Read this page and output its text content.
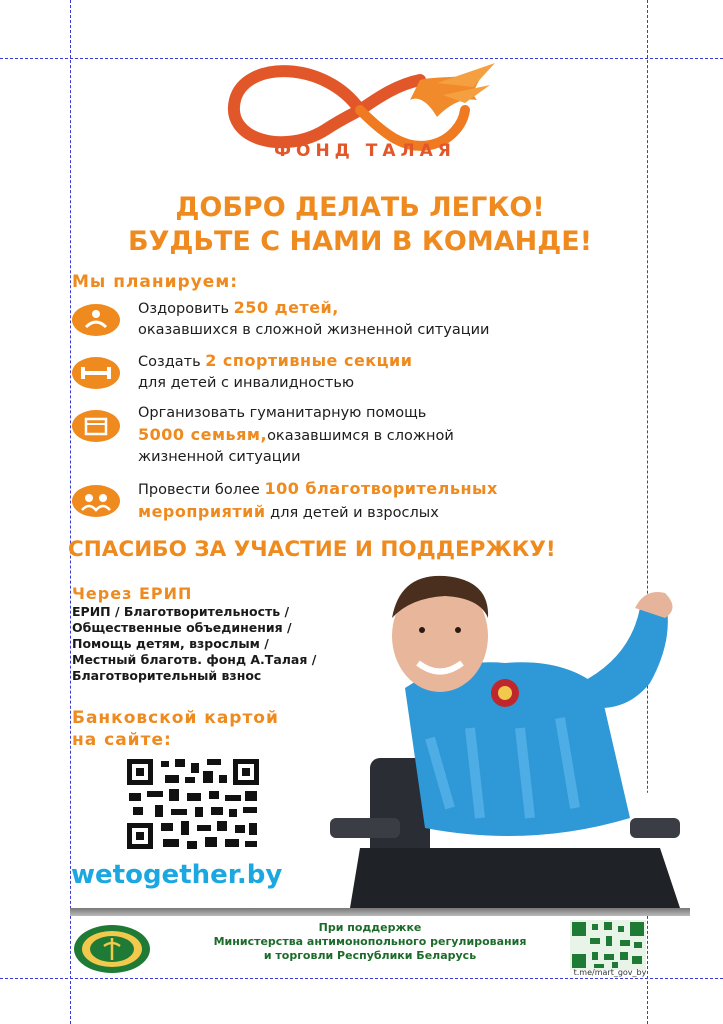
ФОНД ТАЛАЯ
ДОБРО ДЕЛАТЬ ЛЕГКО!
БУДЬТЕ С НАМИ В КОМАНДЕ!
Мы планируем:
Оздоровить 250 детей,
оказавшихся в сложной жизненной ситуации
Создать 2 спортивные секции
для детей с инвалидностью
Организовать гуманитарную помощь
5000 семьям,оказавшимся в сложной
жизненной ситуации
Провести более 100 благотворительных
мероприятий для детей и взрослых
СПАСИБО ЗА УЧАСТИЕ И ПОДДЕРЖКУ!
Через ЕРИП
ЕРИП / Благотворительность /
Общественные объединения /
Помощь детям, взрослым /
Местный благотв. фонд А.Талая /
Благотворительный взнос
Банковской картой
на сайте:
wetogether.by
При поддержке
Министерства антимонопольного регулирования
и торговли Республики Беларусь
t.me/mart_gov_by
